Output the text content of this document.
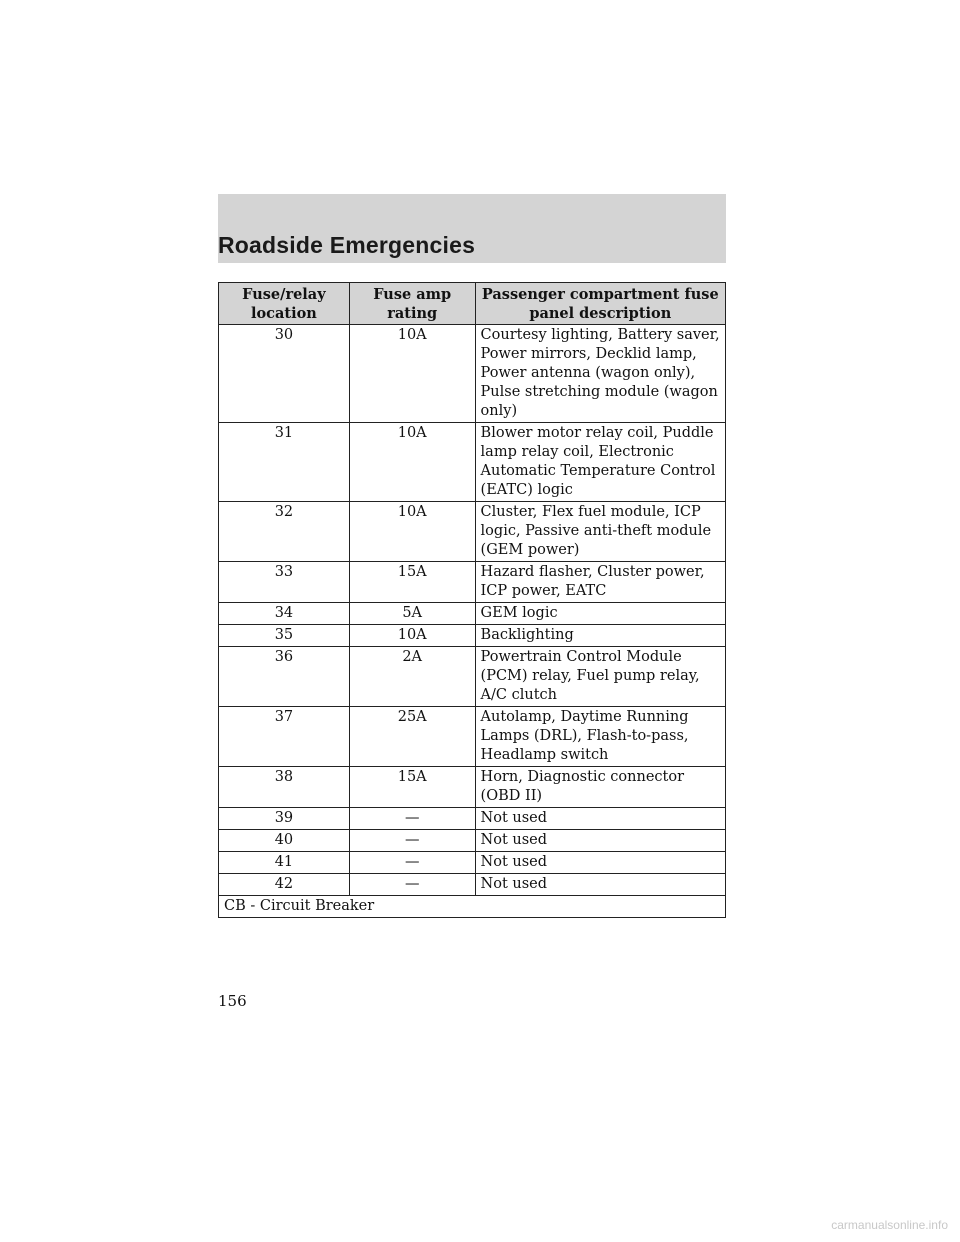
Roadside Emergencies
Fuse/relay location	Fuse amp rating	Passenger compartment fuse panel description
30	10A	Courtesy lighting, Battery saver, Power mirrors, Decklid lamp, Power antenna (wagon only), Pulse stretching module (wagon only)
31	10A	Blower motor relay coil, Puddle lamp relay coil, Electronic Automatic Temperature Control (EATC) logic
32	10A	Cluster, Flex fuel module, ICP logic, Passive anti-theft module (GEM power)
33	15A	Hazard flasher, Cluster power, ICP power, EATC
34	5A	GEM logic
35	10A	Backlighting
36	2A	Powertrain Control Module (PCM) relay, Fuel pump relay, A/C clutch
37	25A	Autolamp, Daytime Running Lamps (DRL), Flash-to-pass, Headlamp switch
38	15A	Horn, Diagnostic connector (OBD II)
39	—	Not used
40	—	Not used
41	—	Not used
42	—	Not used
CB - Circuit Breaker		
156
carmanualsonline.info
